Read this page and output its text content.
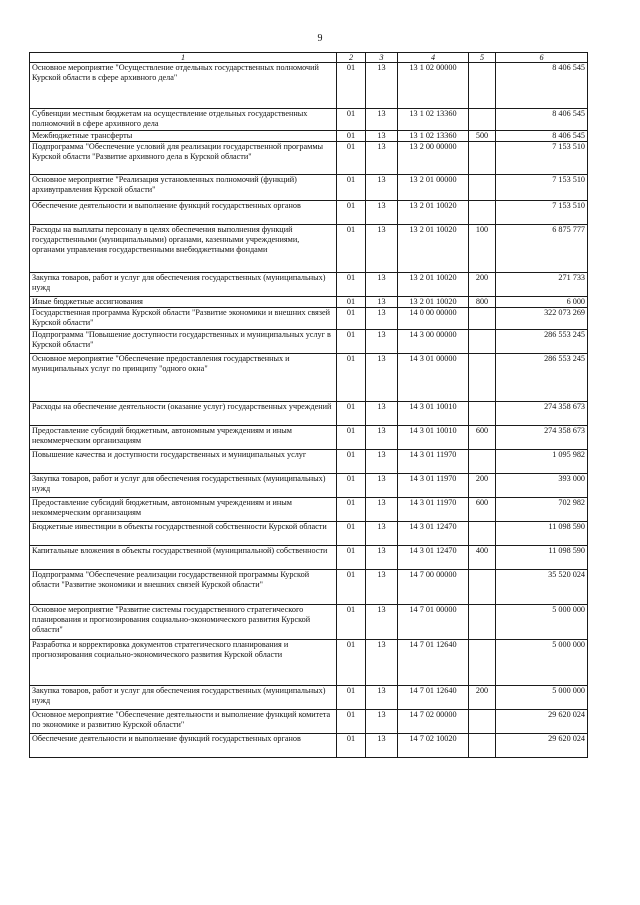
9
1	2	3	4	5	6
Основное мероприятие "Осуществление отдельных государственных полномочий Курской области в сфере архивного дела"	01	13	13 1 02 00000		8 406 545
Субвенции местным бюджетам на осуществление отдельных государственных полномочий в сфере архивного дела	01	13	13 1 02 13360		8 406 545
Межбюджетные трансферты	01	13	13 1 02 13360	500	8 406 545
Подпрограмма "Обеспечение условий для реализации государственной программы Курской области "Развитие архивного дела в Курской области"	01	13	13 2 00 00000		7 153 510
Основное мероприятие "Реализация установленных полномочий (функций) архивуправления Курской области"	01	13	13 2 01 00000		7 153 510
Обеспечение деятельности и выполнение функций государственных органов	01	13	13 2 01 10020		7 153 510
Расходы на выплаты персоналу в целях обеспечения выполнения функций государственными (муниципальными) органами, казенными учреждениями, органами управления государственными внебюджетными фондами	01	13	13 2 01 10020	100	6 875 777
Закупка товаров, работ и услуг для обеспечения государственных (муниципальных) нужд	01	13	13 2 01 10020	200	271 733
Иные бюджетные ассигнования	01	13	13 2 01 10020	800	6 000
Государственная программа Курской области "Развитие экономики и внешних связей Курской области"	01	13	14 0 00 00000		322 073 269
Подпрограмма "Повышение доступности государственных и муниципальных услуг в Курской области"	01	13	14 3 00 00000		286 553 245
Основное мероприятие "Обеспечение предоставления государственных и муниципальных услуг по принципу "одного окна"	01	13	14 3 01 00000		286 553 245
Расходы на обеспечение деятельности (оказание услуг) государственных учреждений	01	13	14 3 01 10010		274 358 673
Предоставление субсидий бюджетным, автономным учреждениям и иным некоммерческим организациям	01	13	14 3 01 10010	600	274 358 673
Повышение качества и доступности государственных и муниципальных услуг	01	13	14 3 01 11970		1 095 982
Закупка товаров, работ и услуг для обеспечения государственных (муниципальных) нужд	01	13	14 3 01 11970	200	393 000
Предоставление субсидий бюджетным, автономным учреждениям и иным некоммерческим организациям	01	13	14 3 01 11970	600	702 982
Бюджетные инвестиции в объекты государственной собственности Курской области	01	13	14 3 01 12470		11 098 590
Капитальные вложения в объекты государственной (муниципальной) собственности	01	13	14 3 01 12470	400	11 098 590
Подпрограмма "Обеспечение реализации государственной программы Курской области "Развитие экономики и внешних связей Курской области"	01	13	14 7 00 00000		35 520 024
Основное мероприятие "Развитие системы государственного стратегического планирования и прогнозирования социально-экономического развития Курской области"	01	13	14 7 01 00000		5 000 000
Разработка и корректировка документов стратегического планирования и прогнозирования социально-экономического развития Курской области	01	13	14 7 01 12640		5 000 000
Закупка товаров, работ и услуг для обеспечения государственных (муниципальных) нужд	01	13	14 7 01 12640	200	5 000 000
Основное мероприятие "Обеспечение деятельности и выполнение функций комитета по экономике и развитию Курской области"	01	13	14 7 02 00000		29 620 024
Обеспечение деятельности и выполнение функций государственных органов	01	13	14 7 02 10020		29 620 024
